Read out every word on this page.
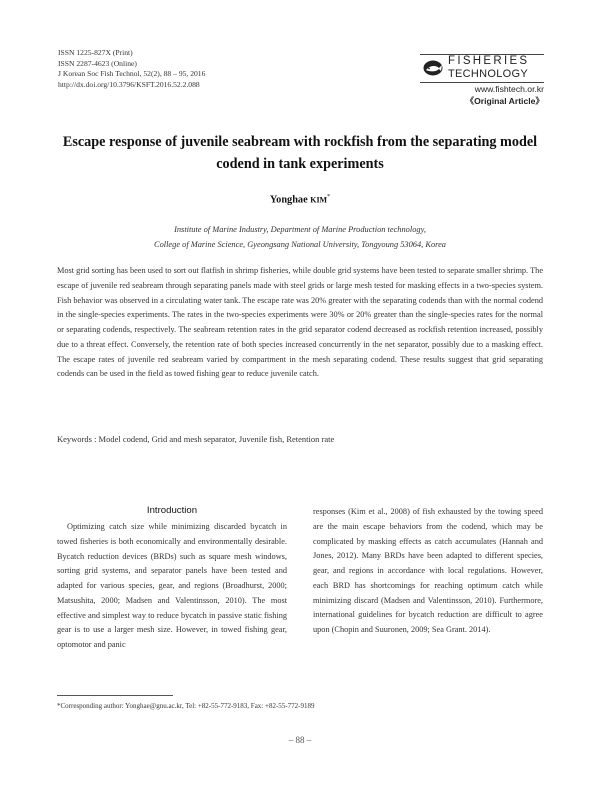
ISSN 1225-827X (Print)
ISSN 2287-4623 (Online)
J Korean Soc Fish Technol, 52(2), 88 – 95, 2016
http://dx.doi.org/10.3796/KSFT.2016.52.2.088
FISHERIES
TECHNOLOGY
www.fishtech.or.kr
《Original Article》
Escape response of juvenile seabream with rockfish from the separating model codend in tank experiments
Yonghae KIM*
Institute of Marine Industry, Department of Marine Production technology,
College of Marine Science, Gyeongsang National University, Tongyoung 53064, Korea
Most grid sorting has been used to sort out flatfish in shrimp fisheries, while double grid systems have been tested to separate smaller shrimp. The escape of juvenile red seabream through separating panels made with steel grids or large mesh tested for masking effects in a two-species system. Fish behavior was observed in a circulating water tank. The escape rate was 20% greater with the separating codends than with the normal codend in the single-species experiments. The rates in the two-species experiments were 30% or 20% greater than the single-species rates for the normal or separating codends, respectively. The seabream retention rates in the grid separator codend decreased as rockfish retention increased, possibly due to a threat effect. Conversely, the retention rate of both species increased concurrently in the net separator, possibly due to a masking effect. The escape rates of juvenile red seabream varied by compartment in the mesh separating codend. These results suggest that grid separating codends can be used in the field as towed fishing gear to reduce juvenile catch.
Keywords : Model codend, Grid and mesh separator, Juvenile fish, Retention rate
Introduction
Optimizing catch size while minimizing discarded bycatch in towed fisheries is both economically and environmentally desirable. Bycatch reduction devices (BRDs) such as square mesh windows, sorting grid systems, and separator panels have been tested and adapted for various species, gear, and regions (Broadhurst, 2000; Matsushita, 2000; Madsen and Valentinsson, 2010). The most effective and simplest way to reduce bycatch in passive static fishing gear is to use a larger mesh size. However, in towed fishing gear, optomotor and panic
responses (Kim et al., 2008) of fish exhausted by the towing speed are the main escape behaviors from the codend, which may be complicated by masking effects as catch accumulates (Hannah and Jones, 2012). Many BRDs have been adapted to different species, gear, and regions in accordance with local regulations. However, each BRD has shortcomings for reaching optimum catch while minimizing discard (Madsen and Valentinsson, 2010). Furthermore, international guidelines for bycatch reduction are difficult to agree upon (Chopin and Suuronen, 2009; Sea Grant. 2014).
*Corresponding author: Yonghae@gnu.ac.kr, Tel: +82-55-772-9183, Fax: +82-55-772-9189
– 88 –
